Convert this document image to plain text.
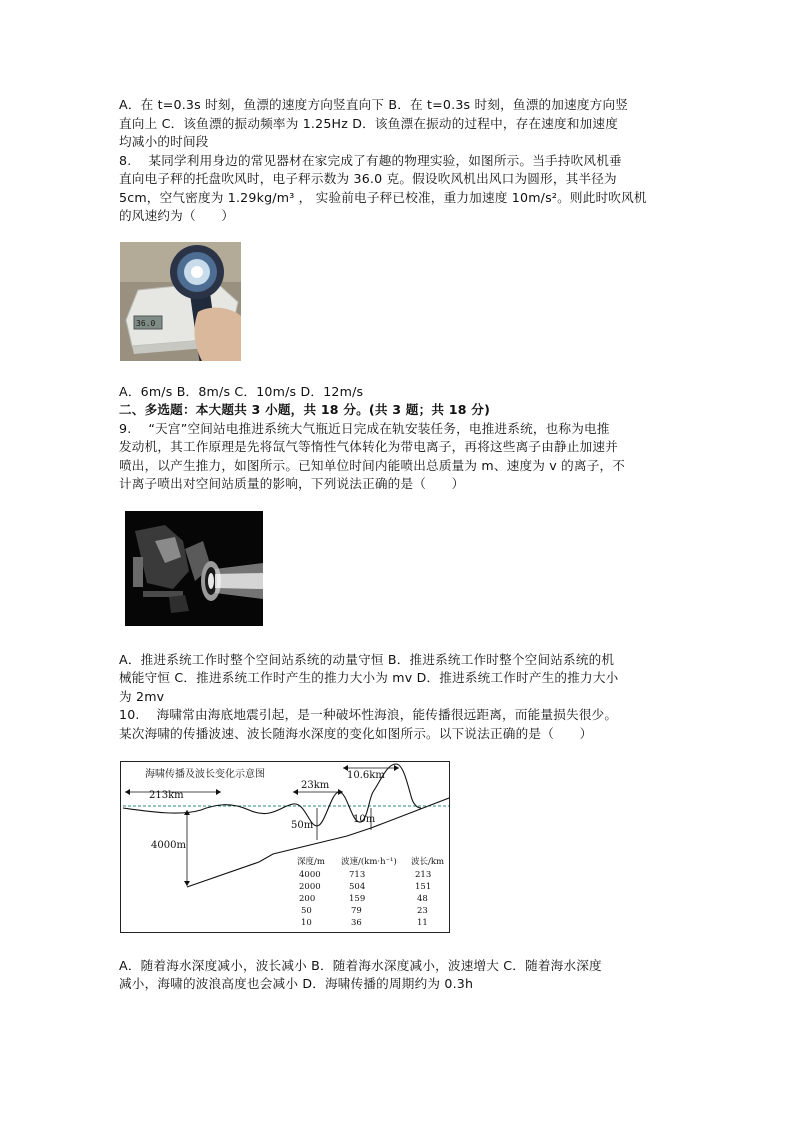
A．在 t=0.3s 时刻，鱼漂的速度方向竖直向下 B．在 t=0.3s 时刻，鱼漂的加速度方向竖
直向上 C．该鱼漂的振动频率为 1.25Hz D．该鱼漂在振动的过程中，存在速度和加速度
均减小的时间段
8.　 某同学利用身边的常见器材在家完成了有趣的物理实验，如图所示。当手持吹风机垂
直向电子秤的托盘吹风时，电子秤示数为 36.0 克。假设吹风机出风口为圆形，其半径为
5cm，空气密度为 1.29kg/m³ ， 实验前电子秤已校准，重力加速度 10m/s²。则此时吹风机
的风速约为（　　）
36.0
A．6m/s B．8m/s C．10m/s D．12m/s
二、多选题：本大题共 3 小题，共 18 分。(共 3 题；共 18 分)
9.　 “天宫”空间站电推进系统大气瓶近日完成在轨安装任务，电推进系统，也称为电推
发动机，其工作原理是先将氙气等惰性气体转化为带电离子，再将这些离子由静止加速并
喷出，以产生推力，如图所示。已知单位时间内能喷出总质量为 m、速度为 v 的离子，不
计离子喷出对空间站质量的影响，下列说法正确的是（　　）
A．推进系统工作时整个空间站系统的动量守恒 B．推进系统工作时整个空间站系统的机
械能守恒 C．推进系统工作时产生的推力大小为 mv D．推进系统工作时产生的推力大小
为 2mv
10.　 海啸常由海底地震引起，是一种破坏性海浪，能传播很远距离，而能量损失很少。
某次海啸的传播波速、波长随海水深度的变化如图所示。以下说法正确的是（　　）
海啸传播及波长变化示意图
213km
23km
10.6km
4000m
50m
10m
深度/m 波速/(km·h⁻¹) 波长/km
4000	713	213
2000	504	151
200	159	48
50	79	23
10	36	11
A．随着海水深度减小，波长减小 B．随着海水深度减小，波速增大 C．随着海水深度
减小，海啸的波浪高度也会减小 D．海啸传播的周期约为 0.3h
